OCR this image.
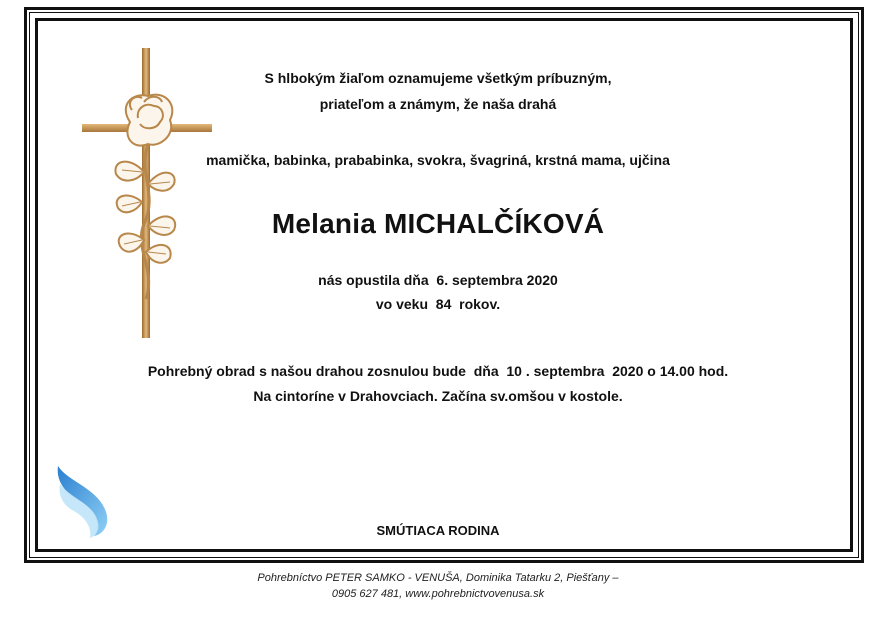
S hlbokým žiaľom oznamujeme všetkým príbuzným,
priateľom a známym, že naša drahá
mamička, babinka, prababinka, svokra, švagriná, krstná mama, ujčina
Melania MICHALČÍKOVÁ
nás opustila dňa  6. septembra 2020
vo veku  84  rokov.
Pohrebný obrad s našou drahou zosnulou bude  dňa  10 . septembra  2020 o 14.00 hod.
Na cintoríne v Drahovciach. Začína sv.omšou v kostole.
SMÚTIACA RODINA
Pohrebníctvo PETER SAMKO - VENUŠA, Dominika Tatarku 2, Piešťany –
0905 627 481, www.pohrebnictvovenusa.sk
